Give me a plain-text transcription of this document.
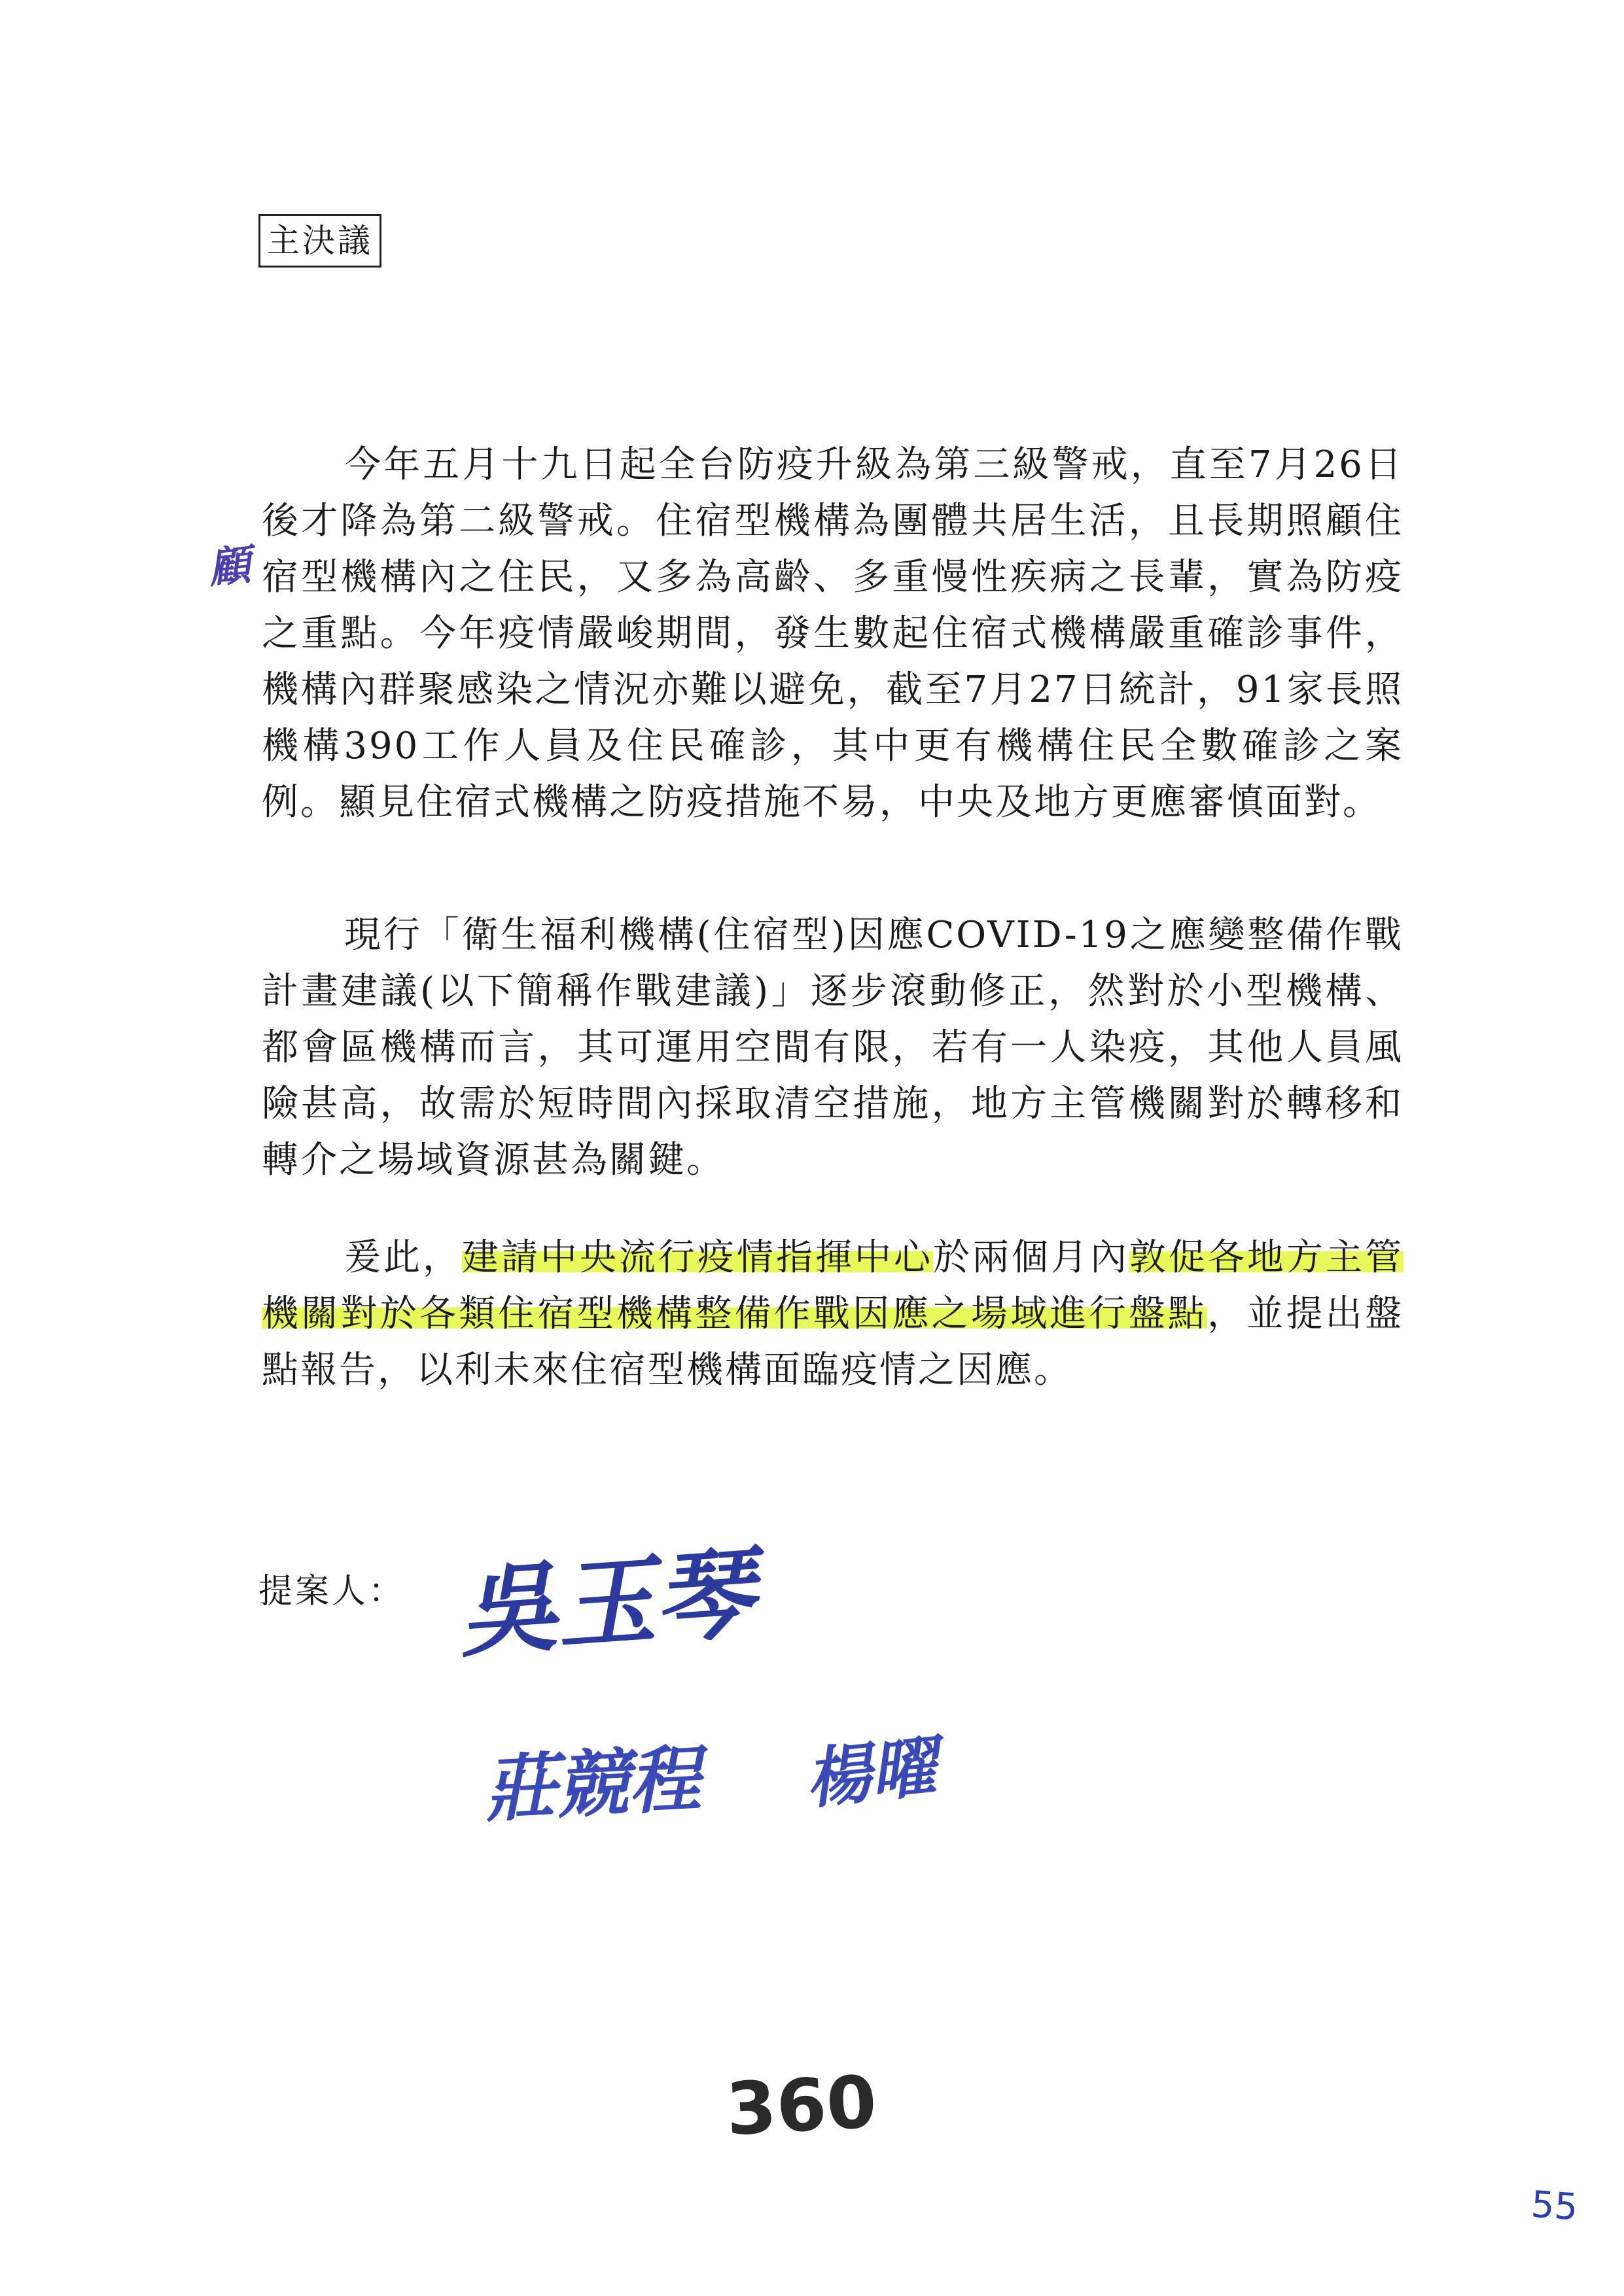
主決議
顧

今年五月十九日起全台防疫升級為第三級警戒，直至7月26日後才降為第二級警戒。住宿型機構為團體共居生活，且長期照顧住宿型機構內之住民，又多為高齡、多重慢性疾病之長輩，實為防疫之重點。今年疫情嚴峻期間，發生數起住宿式機構嚴重確診事件，機構內群聚感染之情況亦難以避免，截至7月27日統計，91家長照機構390工作人員及住民確診，其中更有機構住民全數確診之案例。顯見住宿式機構之防疫措施不易，中央及地方更應審慎面對。

現行「衛生福利機構(住宿型)因應COVID-19之應變整備作戰計畫建議(以下簡稱作戰建議)」逐步滾動修正，然對於小型機構、都會區機構而言，其可運用空間有限，若有一人染疫，其他人員風險甚高，故需於短時間內採取清空措施，地方主管機關對於轉移和轉介之場域資源甚為關鍵。

爰此，建請中央流行疫情指揮中心於兩個月內敦促各地方主管機關對於各類住宿型機構整備作戰因應之場域進行盤點，並提出盤點報告，以利未來住宿型機構面臨疫情之因應。

提案人： 吳玉琴
莊競程 楊曜
360
55
